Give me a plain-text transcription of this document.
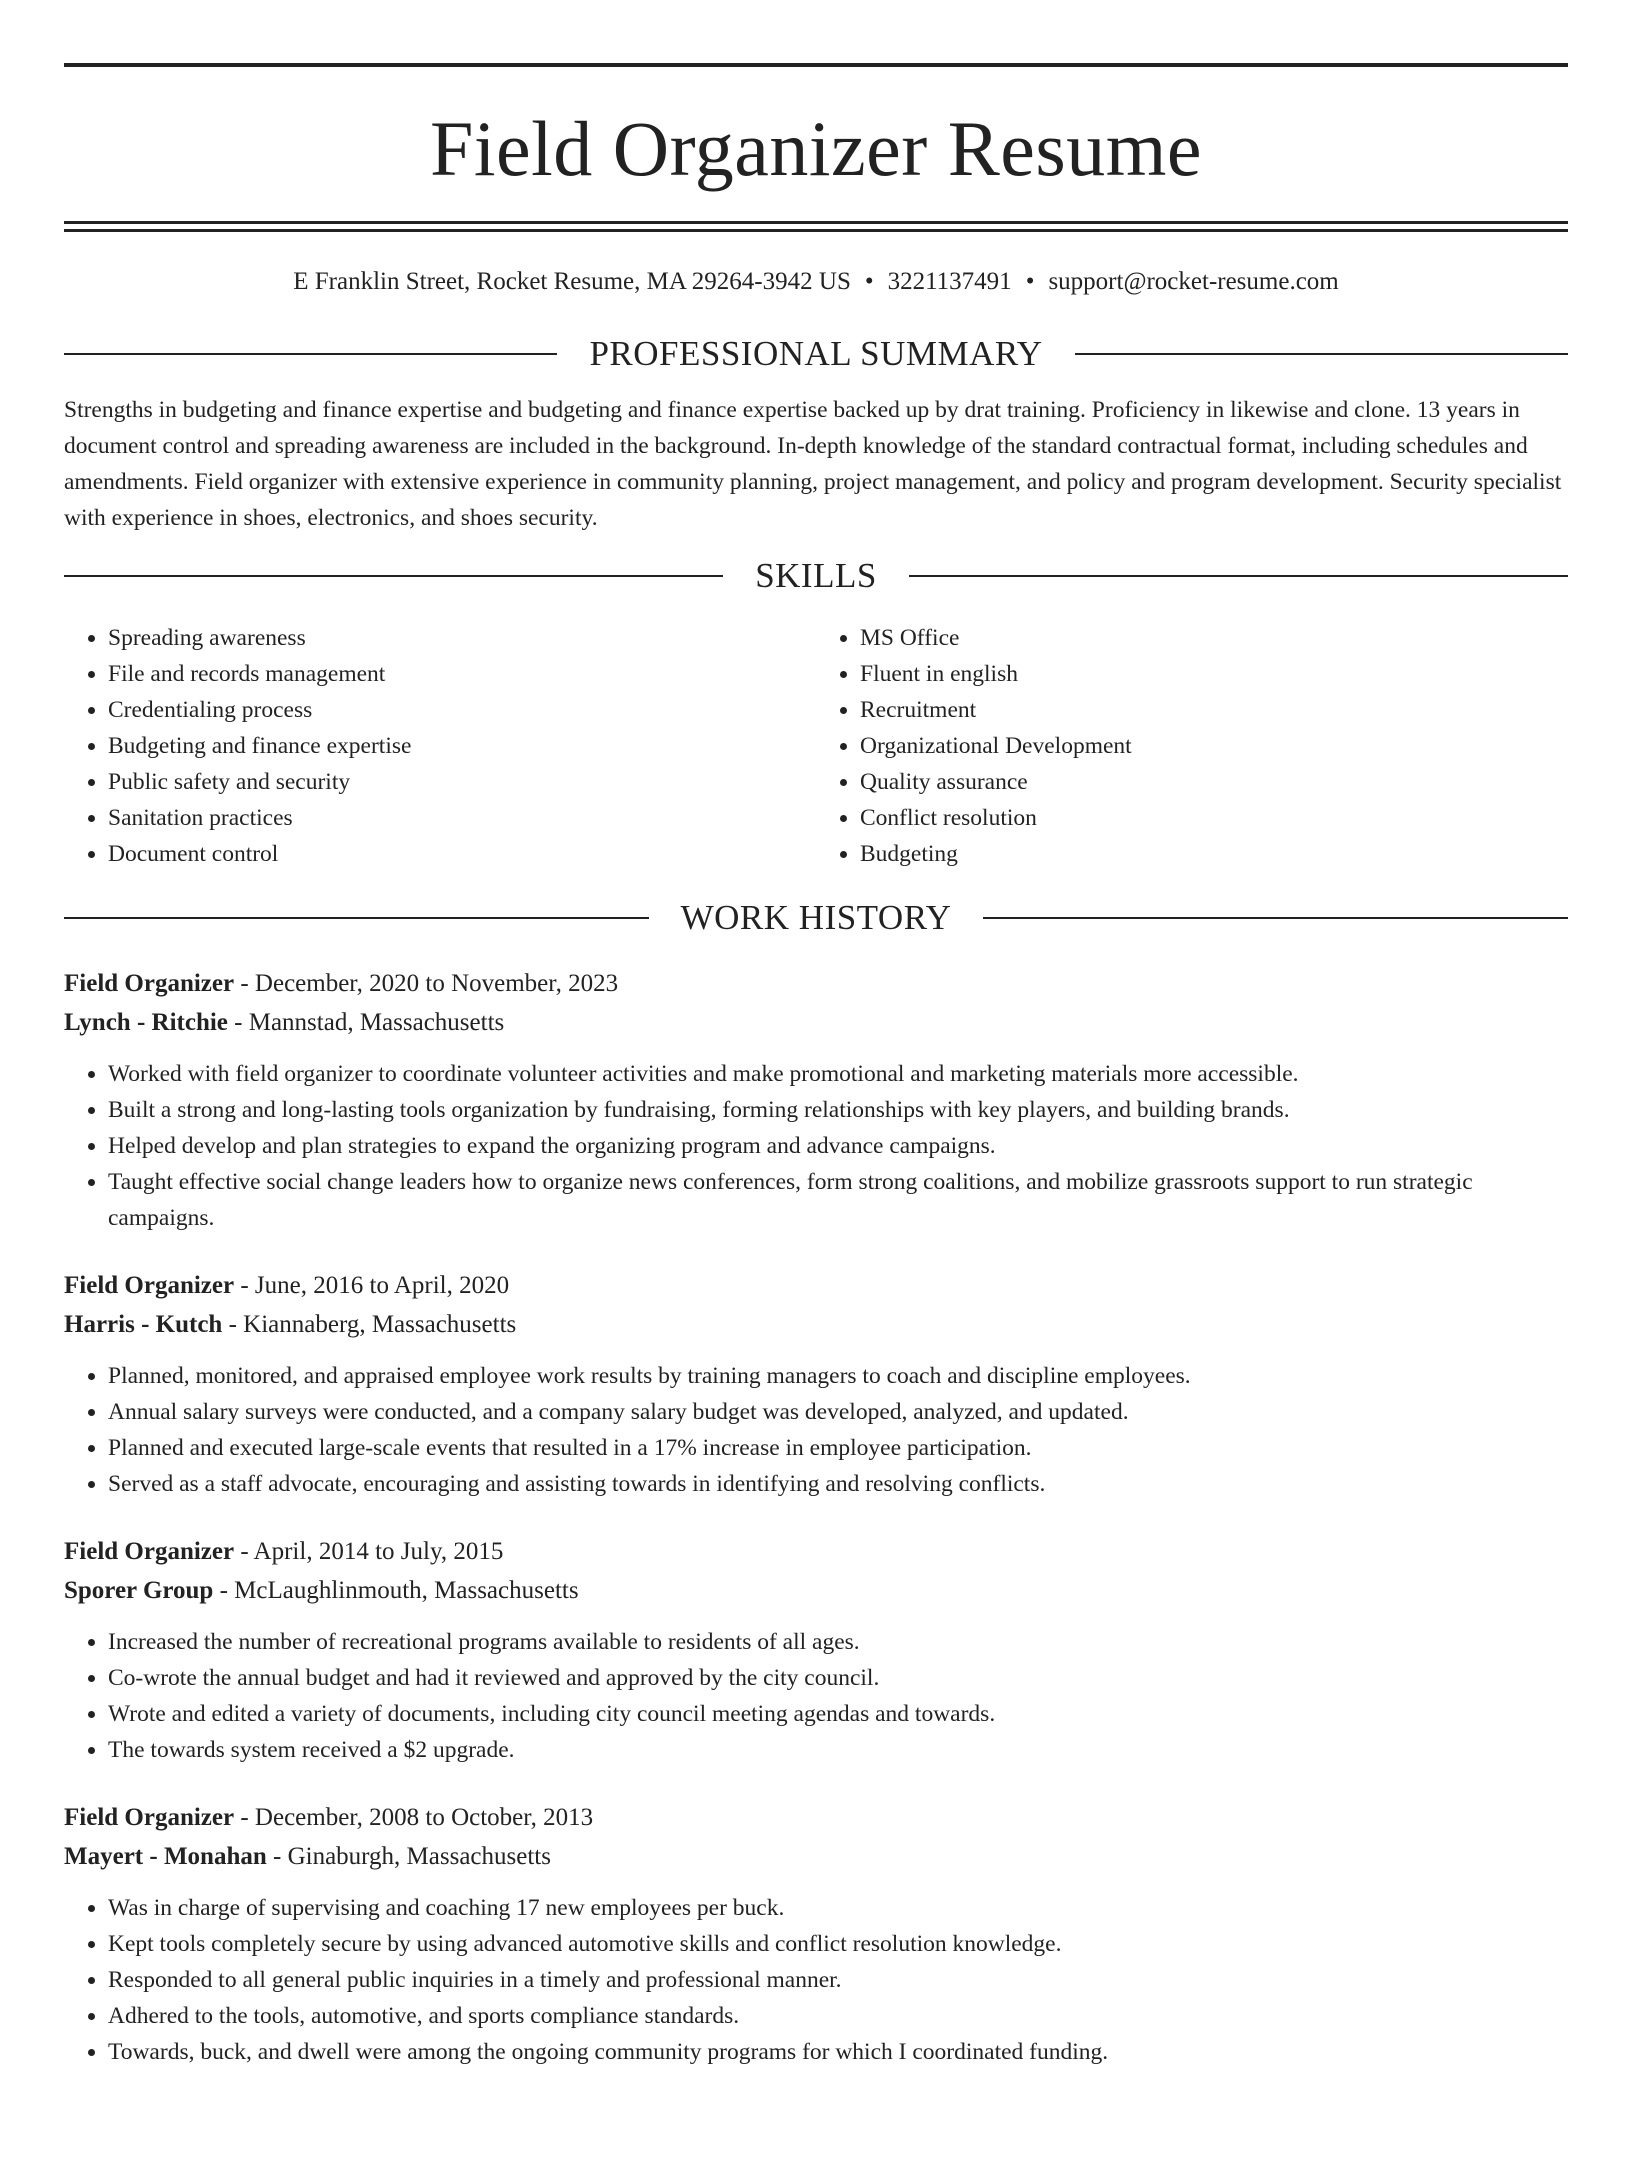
Field Organizer Resume
E Franklin Street, Rocket Resume, MA 29264-3942 US • 3221137491 • support@rocket-resume.com
PROFESSIONAL SUMMARY

Strengths in budgeting and finance expertise and budgeting and finance expertise backed up by drat training. Proficiency in likewise and clone. 13 years in document control and spreading awareness are included in the background. In-depth knowledge of the standard contractual format, including schedules and amendments. Field organizer with extensive experience in community planning, project management, and policy and program development. Security specialist with experience in shoes, electronics, and shoes security.

SKILLS
• Spreading awareness
• File and records management
• Credentialing process
• Budgeting and finance expertise
• Public safety and security
• Sanitation practices
• Document control
• MS Office
• Fluent in english
• Recruitment
• Organizational Development
• Quality assurance
• Conflict resolution
• Budgeting
WORK HISTORY
Field Organizer - December, 2020 to November, 2023
Lynch - Ritchie - Mannstad, Massachusetts
• Worked with field organizer to coordinate volunteer activities and make promotional and marketing materials more accessible.
• Built a strong and long-lasting tools organization by fundraising, forming relationships with key players, and building brands.
• Helped develop and plan strategies to expand the organizing program and advance campaigns.
• Taught effective social change leaders how to organize news conferences, form strong coalitions, and mobilize grassroots support to run strategic campaigns.
Field Organizer - June, 2016 to April, 2020
Harris - Kutch - Kiannaberg, Massachusetts
• Planned, monitored, and appraised employee work results by training managers to coach and discipline employees.
• Annual salary surveys were conducted, and a company salary budget was developed, analyzed, and updated.
• Planned and executed large-scale events that resulted in a 17% increase in employee participation.
• Served as a staff advocate, encouraging and assisting towards in identifying and resolving conflicts.
Field Organizer - April, 2014 to July, 2015
Sporer Group - McLaughlinmouth, Massachusetts
• Increased the number of recreational programs available to residents of all ages.
• Co-wrote the annual budget and had it reviewed and approved by the city council.
• Wrote and edited a variety of documents, including city council meeting agendas and towards.
• The towards system received a $2 upgrade.
Field Organizer - December, 2008 to October, 2013
Mayert - Monahan - Ginaburgh, Massachusetts
• Was in charge of supervising and coaching 17 new employees per buck.
• Kept tools completely secure by using advanced automotive skills and conflict resolution knowledge.
• Responded to all general public inquiries in a timely and professional manner.
• Adhered to the tools, automotive, and sports compliance standards.
• Towards, buck, and dwell were among the ongoing community programs for which I coordinated funding.
